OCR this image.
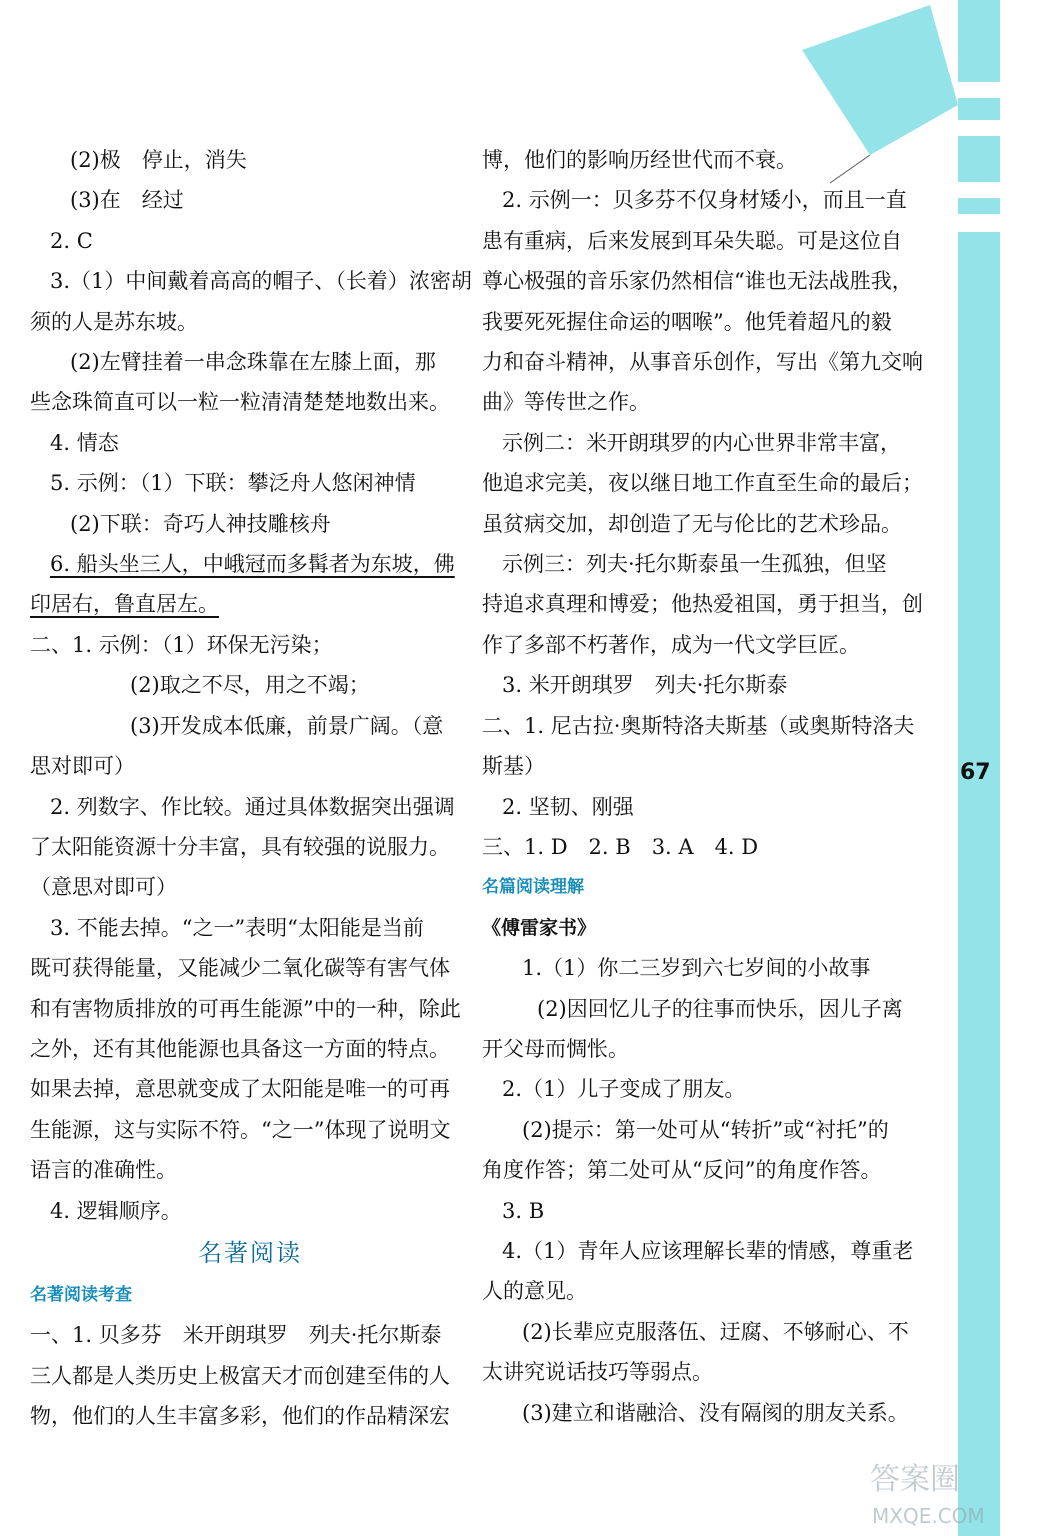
67

(2)极　停止，消失

(3)在　经过

2. C

3.（1）中间戴着高高的帽子、（长着）浓密胡

须的人是苏东坡。

(2)左臂挂着一串念珠靠在左膝上面，那

些念珠简直可以一粒一粒清清楚楚地数出来。

4. 情态

5. 示例：（1）下联：攀泛舟人悠闲神情

(2)下联：奇巧人神技雕核舟

6. 船头坐三人，中峨冠而多髯者为东坡，佛

印居右，鲁直居左。

二、1. 示例：（1）环保无污染；

(2)取之不尽，用之不竭；

(3)开发成本低廉，前景广阔。（意

思对即可）

2. 列数字、作比较。通过具体数据突出强调

了太阳能资源十分丰富，具有较强的说服力。

（意思对即可）

3. 不能去掉。“之一”表明“太阳能是当前

既可获得能量，又能减少二氧化碳等有害气体

和有害物质排放的可再生能源”中的一种，除此

之外，还有其他能源也具备这一方面的特点。

如果去掉，意思就变成了太阳能是唯一的可再

生能源，这与实际不符。“之一”体现了说明文

语言的准确性。

4. 逻辑顺序。

名著阅读

名著阅读考查

一、1. 贝多芬　米开朗琪罗　列夫·托尔斯泰

三人都是人类历史上极富天才而创建至伟的人

物，他们的人生丰富多彩，他们的作品精深宏

博，他们的影响历经世代而不衰。

2. 示例一：贝多芬不仅身材矮小，而且一直

患有重病，后来发展到耳朵失聪。可是这位自

尊心极强的音乐家仍然相信“谁也无法战胜我，

我要死死握住命运的咽喉”。他凭着超凡的毅

力和奋斗精神，从事音乐创作，写出《第九交响

曲》等传世之作。

示例二：米开朗琪罗的内心世界非常丰富，

他追求完美，夜以继日地工作直至生命的最后；

虽贫病交加，却创造了无与伦比的艺术珍品。

示例三：列夫·托尔斯泰虽一生孤独，但坚

持追求真理和博爱；他热爱祖国，勇于担当，创

作了多部不朽著作，成为一代文学巨匠。

3. 米开朗琪罗　列夫·托尔斯泰

二、1. 尼古拉·奥斯特洛夫斯基（或奥斯特洛夫

斯基）

2. 坚韧、刚强

三、1. D　2. B　3. A　4. D

名篇阅读理解

《傅雷家书》

1.（1）你二三岁到六七岁间的小故事

(2)因回忆儿子的往事而快乐，因儿子离

开父母而惆怅。

2.（1）儿子变成了朋友。

(2)提示：第一处可从“转折”或“衬托”的

角度作答；第二处可从“反问”的角度作答。

3. B

4.（1）青年人应该理解长辈的情感，尊重老

人的意见。

(2)长辈应克服落伍、迂腐、不够耐心、不

太讲究说话技巧等弱点。

(3)建立和谐融洽、没有隔阂的朋友关系。

答案圈
MXQE.COM
